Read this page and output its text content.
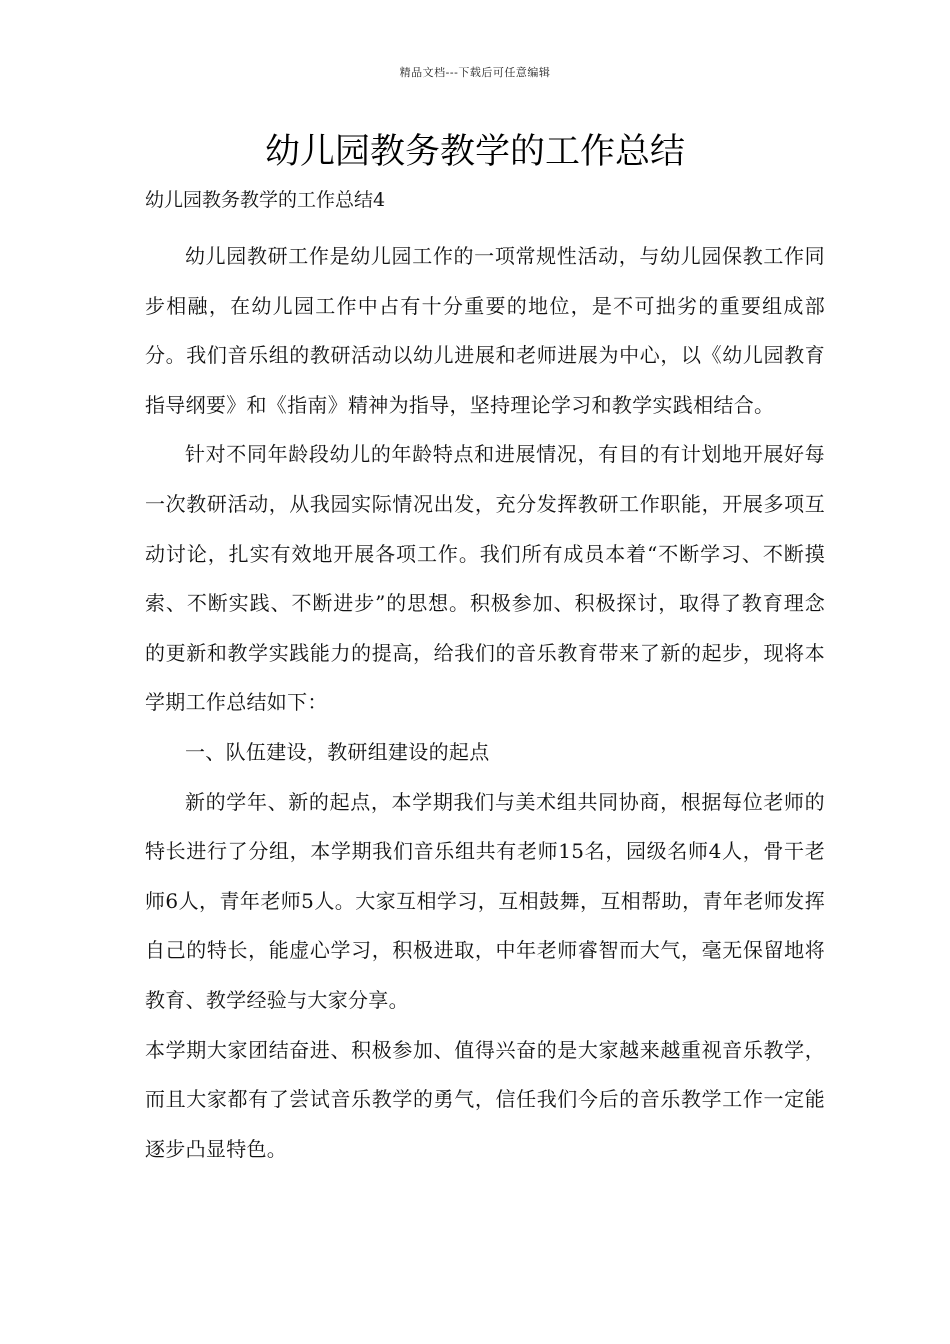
精品文档---下载后可任意编辑
幼儿园教务教学的工作总结
幼儿园教务教学的工作总结4

幼儿园教研工作是幼儿园工作的一项常规性活动，与幼儿园保教工作同步相融，在幼儿园工作中占有十分重要的地位，是不可拙劣的重要组成部分。我们音乐组的教研活动以幼儿进展和老师进展为中心，以《幼儿园教育指导纲要》和《指南》精神为指导，坚持理论学习和教学实践相结合。

针对不同年龄段幼儿的年龄特点和进展情况，有目的有计划地开展好每一次教研活动，从我园实际情况出发，充分发挥教研工作职能，开展多项互动讨论，扎实有效地开展各项工作。我们所有成员本着“不断学习、不断摸索、不断实践、不断进步”的思想。积极参加、积极探讨，取得了教育理念的更新和教学实践能力的提高，给我们的音乐教育带来了新的起步，现将本学期工作总结如下：

一、队伍建设，教研组建设的起点

新的学年、新的起点，本学期我们与美术组共同协商，根据每位老师的特长进行了分组，本学期我们音乐组共有老师15名，园级名师4人，骨干老师6人，青年老师5人。大家互相学习，互相鼓舞，互相帮助，青年老师发挥自己的特长，能虚心学习，积极进取，中年老师睿智而大气，毫无保留地将教育、教学经验与大家分享。

本学期大家团结奋进、积极参加、值得兴奋的是大家越来越重视音乐教学，而且大家都有了尝试音乐教学的勇气，信任我们今后的音乐教学工作一定能逐步凸显特色。
